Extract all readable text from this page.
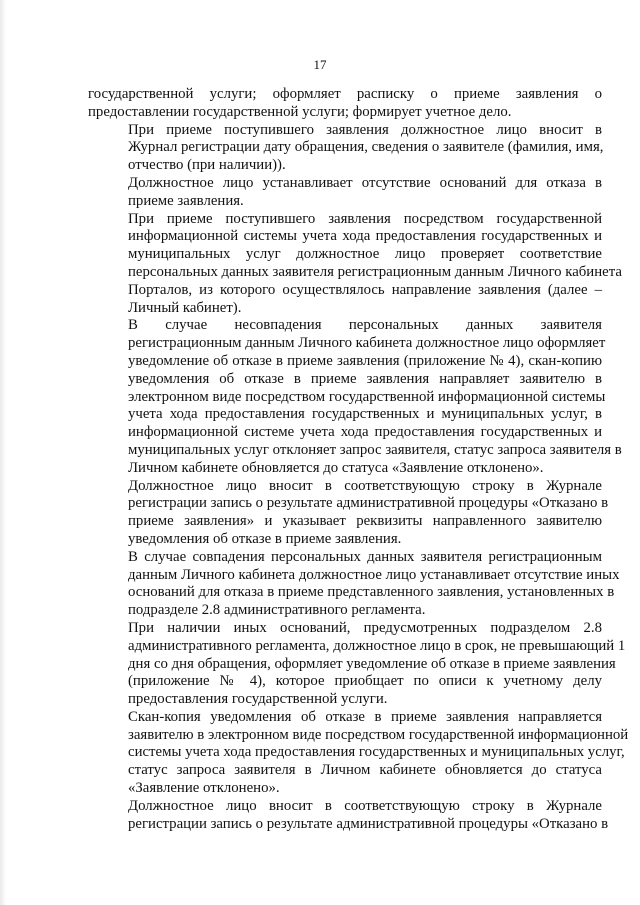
17
государственной услуги; оформляет расписку о приеме заявления о
предоставлении государственной услуги; формирует учетное дело.
При приеме поступившего заявления должностное лицо вносит в
Журнал регистрации дату обращения, сведения о заявителе (фамилия, имя,
отчество (при наличии)).
Должностное лицо устанавливает отсутствие оснований для отказа в
приеме заявления.
При приеме поступившего заявления посредством государственной
информационной системы учета хода предоставления государственных и
муниципальных услуг должностное лицо проверяет соответствие
персональных данных заявителя регистрационным данным Личного кабинета
Порталов, из которого осуществлялось направление заявления (далее –
Личный кабинет).
В случае несовпадения персональных данных заявителя
регистрационным данным Личного кабинета должностное лицо оформляет
уведомление об отказе в приеме заявления (приложение № 4), скан-копию
уведомления об отказе в приеме заявления направляет заявителю в
электронном виде посредством государственной информационной системы
учета хода предоставления государственных и муниципальных услуг, в
информационной системе учета хода предоставления государственных и
муниципальных услуг отклоняет запрос заявителя, статус запроса заявителя в
Личном кабинете обновляется до статуса «Заявление отклонено».
Должностное лицо вносит в соответствующую строку в Журнале
регистрации запись о результате административной процедуры «Отказано в
приеме заявления» и указывает реквизиты направленного заявителю
уведомления об отказе в приеме заявления.
В случае совпадения персональных данных заявителя регистрационным
данным Личного кабинета должностное лицо устанавливает отсутствие иных
оснований для отказа в приеме представленного заявления, установленных в
подразделе 2.8 административного регламента.
При наличии иных оснований, предусмотренных подразделом 2.8
административного регламента, должностное лицо в срок, не превышающий 1
дня со дня обращения, оформляет уведомление об отказе в приеме заявления
(приложение № 4), которое приобщает по описи к учетному делу
предоставления государственной услуги.
Скан-копия уведомления об отказе в приеме заявления направляется
заявителю в электронном виде посредством государственной информационной
системы учета хода предоставления государственных и муниципальных услуг,
статус запроса заявителя в Личном кабинете обновляется до статуса
«Заявление отклонено».
Должностное лицо вносит в соответствующую строку в Журнале
регистрации запись о результате административной процедуры «Отказано в
